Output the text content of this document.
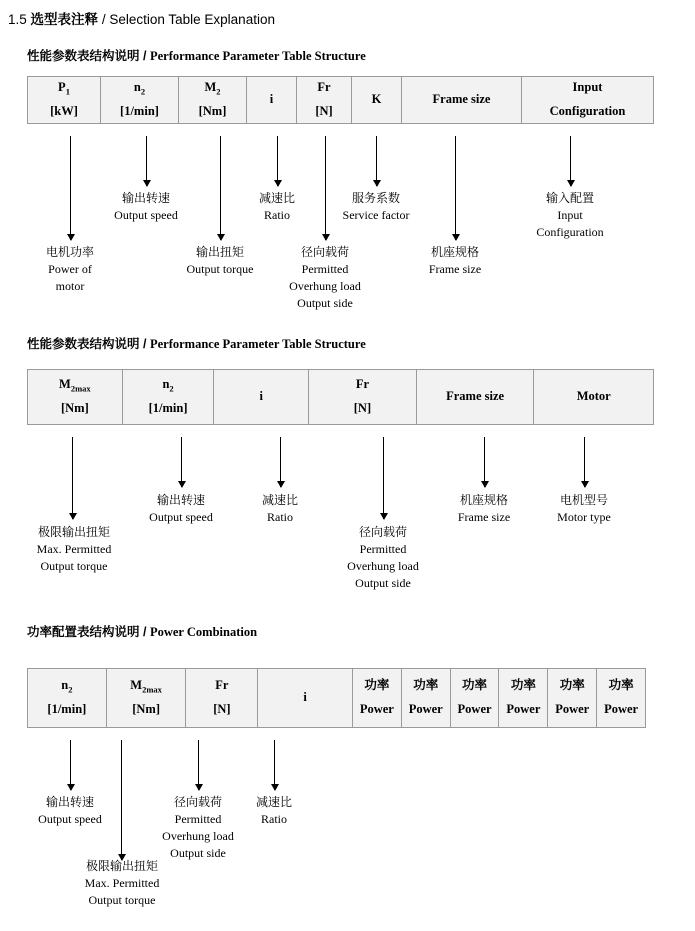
1.5 选型表注释 / Selection Table Explanation
性能参数表结构说明 / Performance Parameter Table Structure
$P_1$
[kW]
$n_2$
[1/min]
$M_2$
[Nm]
i
Fr
[N]
K	Frame size
Input
Configuration
电机功率
Power of
motor
输出转速
Output speed
输出扭矩
Output torque
减速比
Ratio
径向载荷
Permitted
Overhung load
Output side
服务系数
Service factor
机座规格
Frame size
输入配置
Input
Configuration
性能参数表结构说明 / Performance Parameter Table Structure
$M_{2max}$
[Nm]
$n_2$
[1/min]
i
Fr
[N]
Frame size	Motor
极限输出扭矩
Max. Permitted
Output torque
输出转速
Output speed
减速比
Ratio
径向载荷
Permitted
Overhung load
Output side
机座规格
Frame size
电机型号
Motor type
功率配置表结构说明 / Power Combination
$n_2$
[1/min]
$M_{2max}$
[Nm]
Fr
[N]
i
功率
Power
功率
Power
功率
Power
功率
Power
功率
Power
功率
Power
输出转速
Output speed
极限输出扭矩
Max. Permitted
Output torque
径向载荷
Permitted
Overhung load
Output side
减速比
Ratio
